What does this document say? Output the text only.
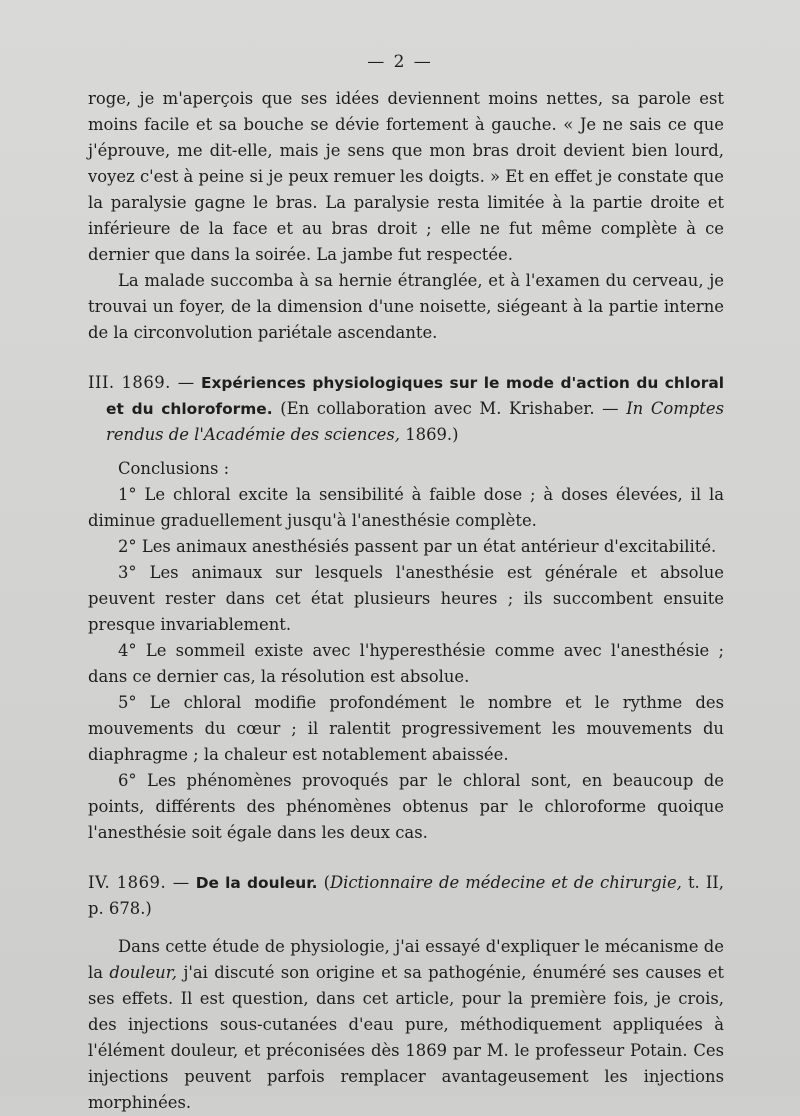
— 2 —

roge, je m'aperçois que ses idées deviennent moins nettes, sa parole est moins facile et sa bouche se dévie fortement à gauche. « Je ne sais ce que j'éprouve, me dit-elle, mais je sens que mon bras droit devient bien lourd, voyez c'est à peine si je peux remuer les doigts. » Et en effet je constate que la paralysie gagne le bras. La paralysie resta limitée à la partie droite et inférieure de la face et au bras droit ; elle ne fut même complète à ce dernier que dans la soirée. La jambe fut respectée.

La malade succomba à sa hernie étranglée, et à l'examen du cerveau, je trouvai un foyer, de la dimension d'une noisette, siégeant à la partie interne de la circonvolution pariétale ascendante.

III. 1869. — Expériences physiologiques sur le mode d'action du chloral et du chloroforme. (En collaboration avec M. Krishaber. — In Comptes rendus de l'Académie des sciences, 1869.)

Conclusions :

1° Le chloral excite la sensibilité à faible dose ; à doses élevées, il la diminue graduellement jusqu'à l'anesthésie complète.

2° Les animaux anesthésiés passent par un état antérieur d'excitabilité.

3° Les animaux sur lesquels l'anesthésie est générale et absolue peuvent rester dans cet état plusieurs heures ; ils succombent ensuite presque invariablement.

4° Le sommeil existe avec l'hyperesthésie comme avec l'anesthésie ; dans ce dernier cas, la résolution est absolue.

5° Le chloral modifie profondément le nombre et le rythme des mouvements du cœur ; il ralentit progressivement les mouvements du diaphragme ; la chaleur est notablement abaissée.

6° Les phénomènes provoqués par le chloral sont, en beaucoup de points, différents des phénomènes obtenus par le chloroforme quoique l'anesthésie soit égale dans les deux cas.

IV. 1869. — De la douleur. (Dictionnaire de médecine et de chirurgie, t. II, p. 678.)

Dans cette étude de physiologie, j'ai essayé d'expliquer le mécanisme de la douleur, j'ai discuté son origine et sa pathogénie, énuméré ses causes et ses effets. Il est question, dans cet article, pour la première fois, je crois, des injections sous-cutanées d'eau pure, méthodiquement appliquées à l'élément douleur, et préconisées dès 1869 par M. le professeur Potain. Ces injections peuvent parfois remplacer avantageusement les injections morphinées.
